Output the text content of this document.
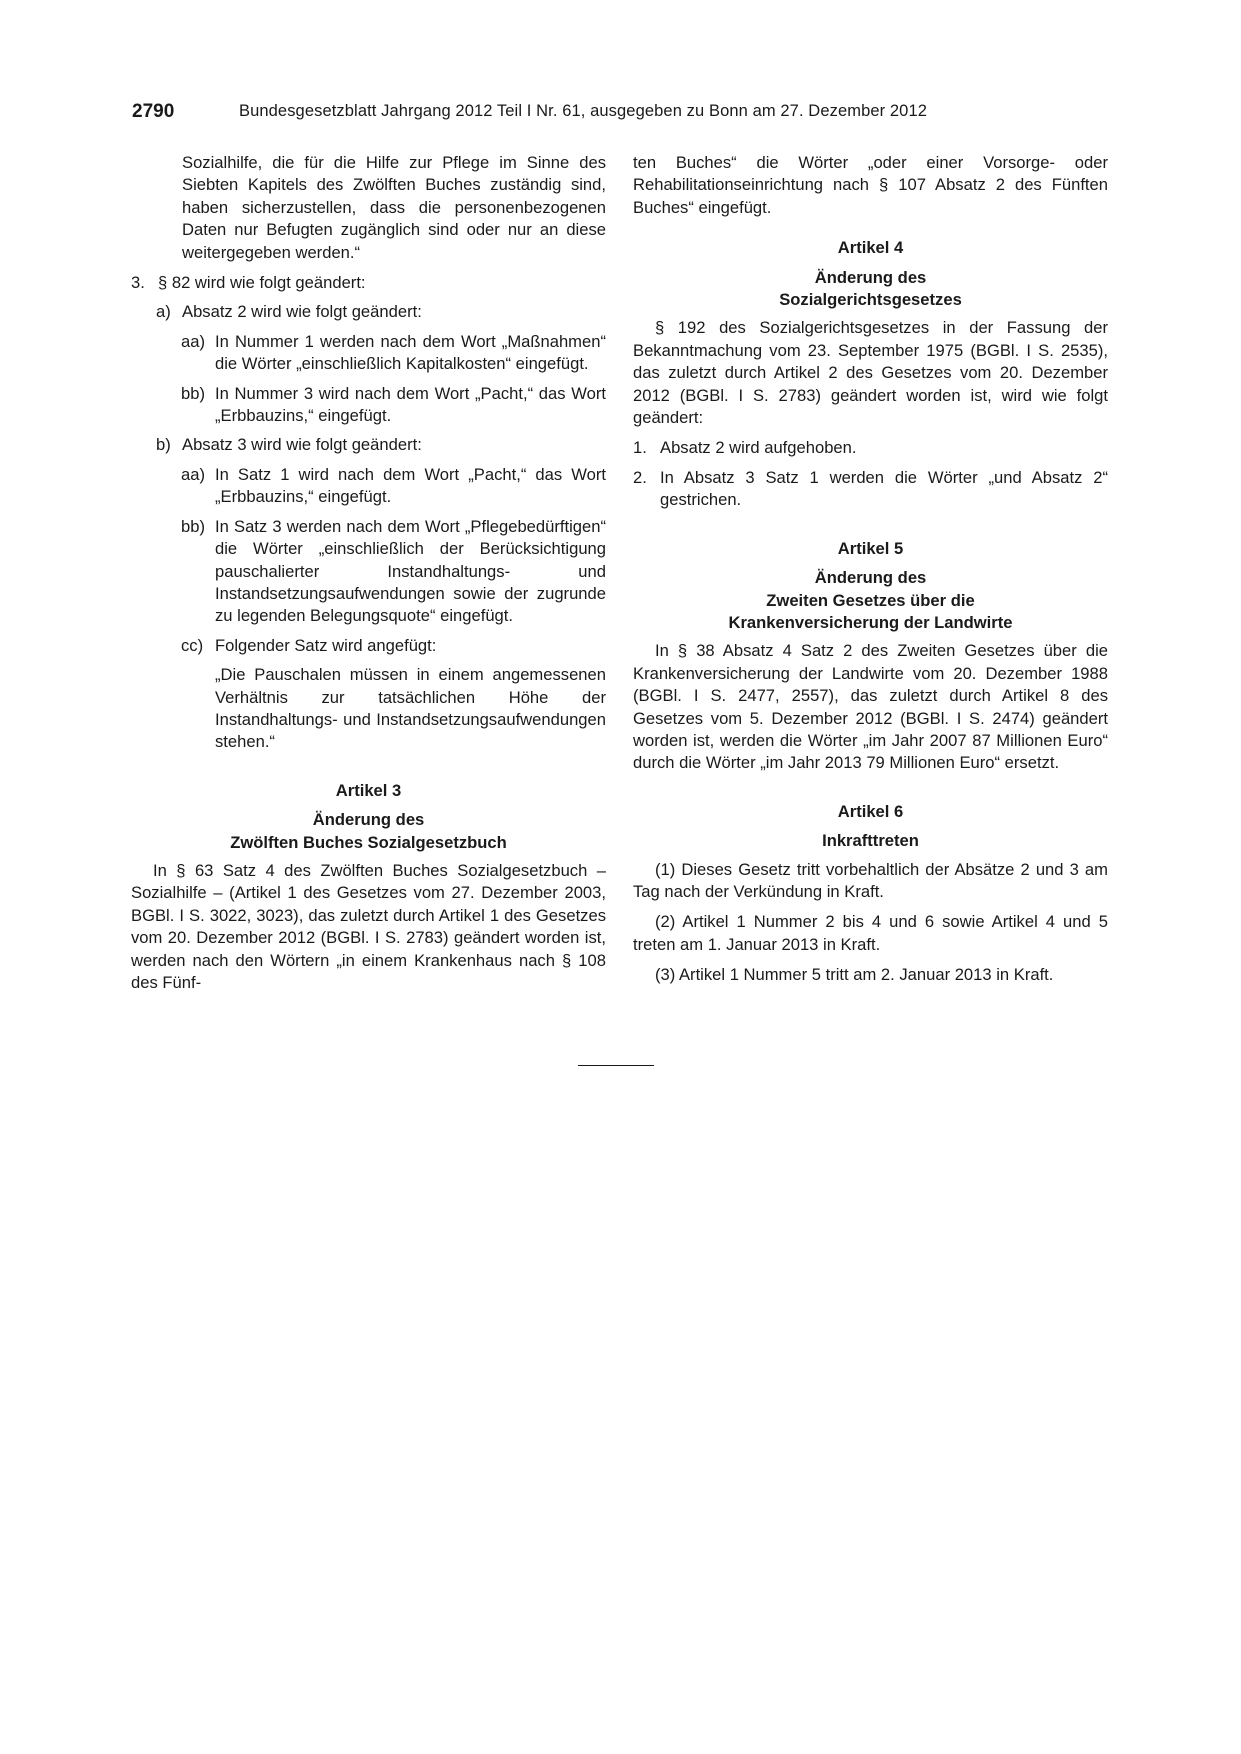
2790	Bundesgesetzblatt Jahrgang 2012 Teil I Nr. 61, ausgegeben zu Bonn am 27. Dezember 2012

Sozialhilfe, die für die Hilfe zur Pflege im Sinne des Siebten Kapitels des Zwölften Buches zuständig sind, haben sicherzustellen, dass die personenbezogenen Daten nur Befugten zugänglich sind oder nur an diese weitergegeben werden.“

3. § 82 wird wie folgt geändert:

a) Absatz 2 wird wie folgt geändert:

aa) In Nummer 1 werden nach dem Wort „Maßnahmen“ die Wörter „einschließlich Kapitalkosten“ eingefügt.

bb) In Nummer 3 wird nach dem Wort „Pacht,“ das Wort „Erbbauzins,“ eingefügt.

b) Absatz 3 wird wie folgt geändert:

aa) In Satz 1 wird nach dem Wort „Pacht,“ das Wort „Erbbauzins,“ eingefügt.

bb) In Satz 3 werden nach dem Wort „Pflegebedürftigen“ die Wörter „einschließlich der Berücksichtigung pauschalierter Instandhaltungs- und Instandsetzungsaufwendungen sowie der zugrunde zu legenden Belegungsquote“ eingefügt.

cc) Folgender Satz wird angefügt:

„Die Pauschalen müssen in einem angemessenen Verhältnis zur tatsächlichen Höhe der Instandhaltungs- und Instandsetzungsaufwendungen stehen.“

Artikel 3
Änderung des
Zwölften Buches Sozialgesetzbuch

In § 63 Satz 4 des Zwölften Buches Sozialgesetzbuch – Sozialhilfe – (Artikel 1 des Gesetzes vom 27. Dezember 2003, BGBl. I S. 3022, 3023), das zuletzt durch Artikel 1 des Gesetzes vom 20. Dezember 2012 (BGBl. I S. 2783) geändert worden ist, werden nach den Wörtern „in einem Krankenhaus nach § 108 des Fünf-

ten Buches“ die Wörter „oder einer Vorsorge- oder Rehabilitationseinrichtung nach § 107 Absatz 2 des Fünften Buches“ eingefügt.

Artikel 4
Änderung des
Sozialgerichtsgesetzes

§ 192 des Sozialgerichtsgesetzes in der Fassung der Bekanntmachung vom 23. September 1975 (BGBl. I S. 2535), das zuletzt durch Artikel 2 des Gesetzes vom 20. Dezember 2012 (BGBl. I S. 2783) geändert worden ist, wird wie folgt geändert:

1. Absatz 2 wird aufgehoben.

2. In Absatz 3 Satz 1 werden die Wörter „und Absatz 2“ gestrichen.

Artikel 5
Änderung des
Zweiten Gesetzes über die
Krankenversicherung der Landwirte

In § 38 Absatz 4 Satz 2 des Zweiten Gesetzes über die Krankenversicherung der Landwirte vom 20. Dezember 1988 (BGBl. I S. 2477, 2557), das zuletzt durch Artikel 8 des Gesetzes vom 5. Dezember 2012 (BGBl. I S. 2474) geändert worden ist, werden die Wörter „im Jahr 2007 87 Millionen Euro“ durch die Wörter „im Jahr 2013 79 Millionen Euro“ ersetzt.

Artikel 6
Inkrafttreten

(1) Dieses Gesetz tritt vorbehaltlich der Absätze 2 und 3 am Tag nach der Verkündung in Kraft.

(2) Artikel 1 Nummer 2 bis 4 und 6 sowie Artikel 4 und 5 treten am 1. Januar 2013 in Kraft.

(3) Artikel 1 Nummer 5 tritt am 2. Januar 2013 in Kraft.
